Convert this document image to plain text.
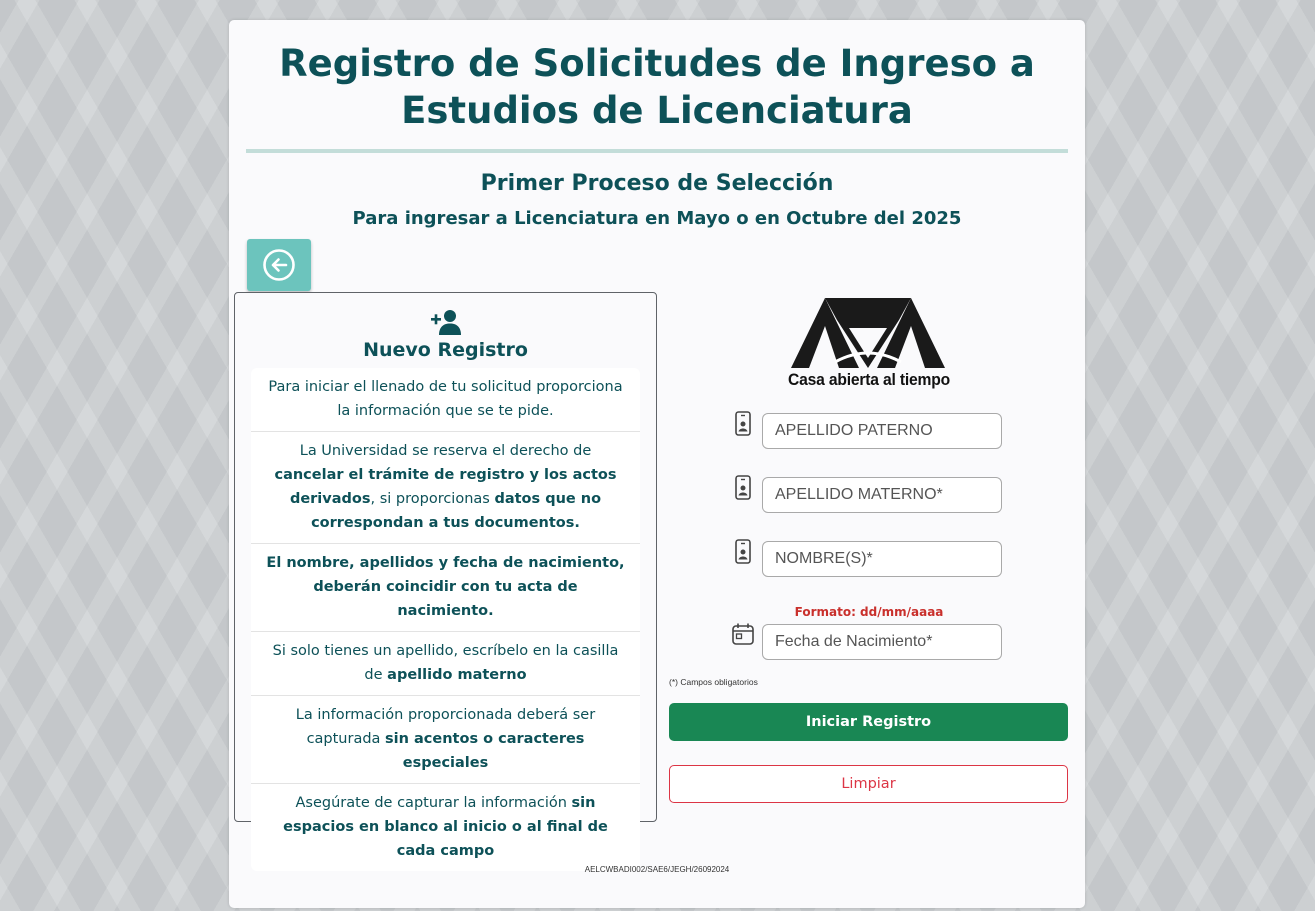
Registro de Solicitudes de Ingreso a
Estudios de Licenciatura
Primer Proceso de Selección
Para ingresar a Licenciatura en Mayo o en Octubre del 2025
Nuevo Registro
Para iniciar el llenado de tu solicitud proporciona la información que se te pide.
La Universidad se reserva el derecho de cancelar el trámite de registro y los actos derivados, si proporcionas datos que no correspondan a tus documentos.
El nombre, apellidos y fecha de nacimiento, deberán coincidir con tu acta de nacimiento.
Si solo tienes un apellido, escríbelo en la casilla de apellido materno
La información proporcionada deberá ser capturada sin acentos o caracteres especiales
Asegúrate de capturar la información sin espacios en blanco al inicio o al final de cada campo
Casa abierta al tiempo
APELLIDO PATERNO
APELLIDO MATERNO*
NOMBRE(S)*
Formato: dd/mm/aaaa
Fecha de Nacimiento*
(*) Campos obligatorios
Iniciar Registro
Limpiar
AELCWBADI002/SAE6/JEGH/26092024
